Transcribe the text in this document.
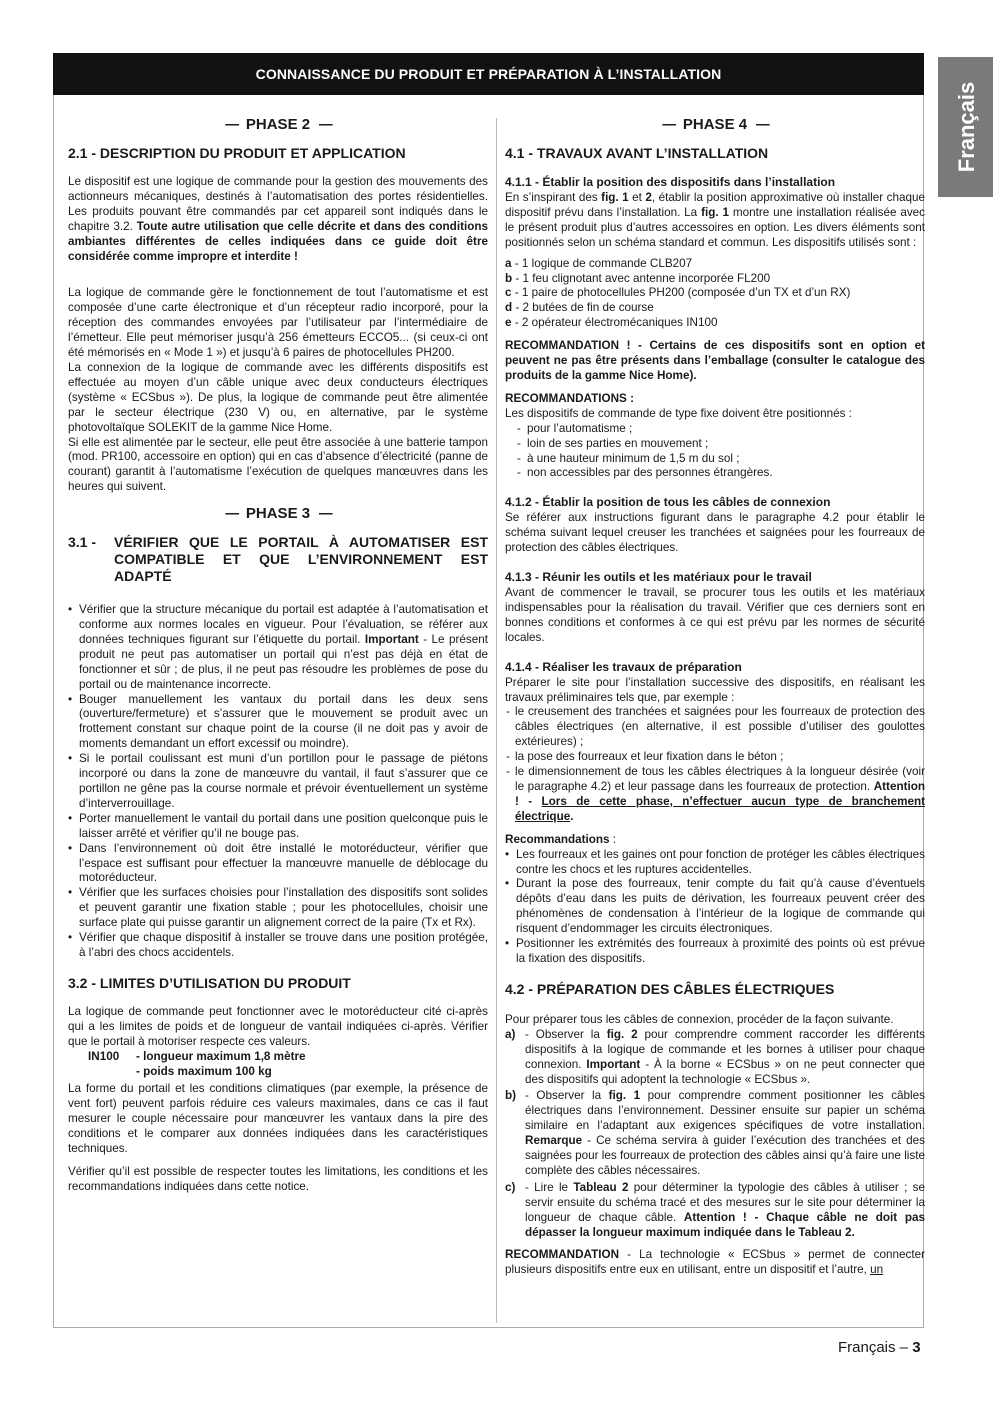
CONNAISSANCE DU PRODUIT ET PRÉPARATION À L’INSTALLATION
Français
–– PHASE 2 ––
2.1 - DESCRIPTION DU PRODUIT ET APPLICATION

Le dispositif est une logique de commande pour la gestion des mouvements des actionneurs mécaniques, destinés à l’automatisation des portes résidentielles. Les produits pouvant être commandés par cet appareil sont indiqués dans le chapitre 3.2. Toute autre utilisation que celle décrite et dans des conditions ambiantes différentes de celles indiquées dans ce guide doit être considérée comme impropre et interdite !

La logique de commande gère le fonctionnement de tout l’automatisme et est composée d’une carte électronique et d’un récepteur radio incorporé, pour la réception des commandes envoyées par l’utilisateur par l’intermédiaire de l’émetteur. Elle peut mémoriser jusqu’à 256 émetteurs ECCO5... (si ceux-ci ont été mémorisés en « Mode 1 ») et jusqu’à 6 paires de photocellules PH200.

La connexion de la logique de commande avec les différents dispositifs est effectuée au moyen d’un câble unique avec deux conducteurs électriques (système « ECSbus »). De plus, la logique de commande peut être alimentée par le secteur électrique (230 V) ou, en alternative, par le système photovoltaïque SOLEKIT de la gamme Nice Home.

Si elle est alimentée par le secteur, elle peut être associée à une batterie tampon (mod. PR100, accessoire en option) qui en cas d’absence d’électricité (panne de courant) garantit à l’automatisme l’exécution de quelques manœuvres dans les heures qui suivent.

–– PHASE 3 ––
3.1 -	VÉRIFIER QUE LE PORTAIL À AUTOMATISER EST COMPATIBLE ET QUE L’ENVIRONNEMENT EST ADAPTÉ
• Vérifier que la structure mécanique du portail est adaptée à l’automatisation et conforme aux normes locales en vigueur. Pour l’évaluation, se référer aux données techniques figurant sur l’étiquette du portail. Important - Le présent produit ne peut pas automatiser un portail qui n’est pas déjà en état de fonctionner et sûr ; de plus, il ne peut pas résoudre les problèmes de pose du portail ou de maintenance incorrecte.
• Bouger manuellement les vantaux du portail dans les deux sens (ouverture/fermeture) et s’assurer que le mouvement se produit avec un frottement constant sur chaque point de la course (il ne doit pas y avoir de moments demandant un effort excessif ou moindre).
• Si le portail coulissant est muni d’un portillon pour le passage de piétons incorporé ou dans la zone de manœuvre du vantail, il faut s’assurer que ce portillon ne gêne pas la course normale et prévoir éventuellement un système d’interverrouillage.
• Porter manuellement le vantail du portail dans une position quelconque puis le laisser arrêté et vérifier qu’il ne bouge pas.
• Dans l’environnement où doit être installé le motoréducteur, vérifier que l’espace est suffisant pour effectuer la manœuvre manuelle de déblocage du motoréducteur.
• Vérifier que les surfaces choisies pour l’installation des dispositifs sont solides et peuvent garantir une fixation stable ; pour les photocellules, choisir une surface plate qui puisse garantir un alignement correct de la paire (Tx et Rx).
• Vérifier que chaque dispositif à installer se trouve dans une position protégée, à l’abri des chocs accidentels.
3.2 - LIMITES D’UTILISATION DU PRODUIT

La logique de commande peut fonctionner avec le motoréducteur cité ci-après qui a les limites de poids et de longueur de vantail indiquées ci-après. Vérifier que le portail à motoriser respecte ces valeurs.

IN100	- longueur maximum 1,8 mètre
- poids maximum 100 kg

La forme du portail et les conditions climatiques (par exemple, la présence de vent fort) peuvent parfois réduire ces valeurs maximales, dans ce cas il faut mesurer le couple nécessaire pour manœuvrer les vantaux dans la pire des conditions et le comparer aux données indiquées dans les caractéristiques techniques.

Vérifier qu’il est possible de respecter toutes les limitations, les conditions et les recommandations indiquées dans cette notice.

–– PHASE 4 ––
4.1 - TRAVAUX AVANT L’INSTALLATION
4.1.1 - Établir la position des dispositifs dans l’installation

En s’inspirant des fig. 1 et 2, établir la position approximative où installer chaque dispositif prévu dans l’installation. La fig. 1 montre une installation réalisée avec le présent produit plus d’autres accessoires en option. Les divers éléments sont positionnés selon un schéma standard et commun. Les dispositifs utilisés sont :

a - 1 logique de commande CLB207
b - 1 feu clignotant avec antenne incorporée FL200
c - 1 paire de photocellules PH200 (composée d’un TX et d’un RX)
d - 2 butées de fin de course
e - 2 opérateur électromécaniques IN100

RECOMMANDATION ! - Certains de ces dispositifs sont en option et peuvent ne pas être présents dans l’emballage (consulter le catalogue des produits de la gamme Nice Home).

RECOMMANDATIONS :

Les dispositifs de commande de type fixe doivent être positionnés :

- pour l’automatisme ;
- loin de ses parties en mouvement ;
- à une hauteur minimum de 1,5 m du sol ;
- non accessibles par des personnes étrangères.
4.1.2 - Établir la position de tous les câbles de connexion

Se référer aux instructions figurant dans le paragraphe 4.2 pour établir le schéma suivant lequel creuser les tranchées et saignées pour les fourreaux de protection des câbles électriques.

4.1.3 - Réunir les outils et les matériaux pour le travail

Avant de commencer le travail, se procurer tous les outils et les matériaux indispensables pour la réalisation du travail. Vérifier que ces derniers sont en bonnes conditions et conformes à ce qui est prévu par les normes de sécurité locales.

4.1.4 - Réaliser les travaux de préparation

Préparer le site pour l’installation successive des dispositifs, en réalisant les travaux préliminaires tels que, par exemple :

- le creusement des tranchées et saignées pour les fourreaux de protection des câbles électriques (en alternative, il est possible d’utiliser des goulottes extérieures) ;
- la pose des fourreaux et leur fixation dans le béton ;
- le dimensionnement de tous les câbles électriques à la longueur désirée (voir le paragraphe 4.2) et leur passage dans les fourreaux de protection. Attention ! - Lors de cette phase, n’effectuer aucun type de branchement électrique.

Recommandations :

• Les fourreaux et les gaines ont pour fonction de protéger les câbles électriques contre les chocs et les ruptures accidentelles.
• Durant la pose des fourreaux, tenir compte du fait qu’à cause d’éventuels dépôts d’eau dans les puits de dérivation, les fourreaux peuvent créer des phénomènes de condensation à l’intérieur de la logique de commande qui risquent d’endommager les circuits électroniques.
• Positionner les extrémités des fourreaux à proximité des points où est prévue la fixation des dispositifs.
4.2 - PRÉPARATION DES CÂBLES ÉLECTRIQUES

Pour préparer tous les câbles de connexion, procéder de la façon suivante.

a) - Observer la fig. 2 pour comprendre comment raccorder les différents dispositifs à la logique de commande et les bornes à utiliser pour chaque connexion. Important - À la borne « ECSbus » on ne peut connecter que des dispositifs qui adoptent la technologie « ECSbus ».
b) - Observer la fig. 1 pour comprendre comment positionner les câbles électriques dans l’environnement. Dessiner ensuite sur papier un schéma similaire en l’adaptant aux exigences spécifiques de votre installation. Remarque - Ce schéma servira à guider l’exécution des tranchées et des saignées pour les fourreaux de protection des câbles ainsi qu’à faire une liste complète des câbles nécessaires.
c) - Lire le Tableau 2 pour déterminer la typologie des câbles à utiliser ; se servir ensuite du schéma tracé et des mesures sur le site pour déterminer la longueur de chaque câble. Attention ! - Chaque câble ne doit pas dépasser la longueur maximum indiquée dans le Tableau 2.

RECOMMANDATION - La technologie « ECSbus » permet de connecter plusieurs dispositifs entre eux en utilisant, entre un dispositif et l’autre, un

Français – 3
